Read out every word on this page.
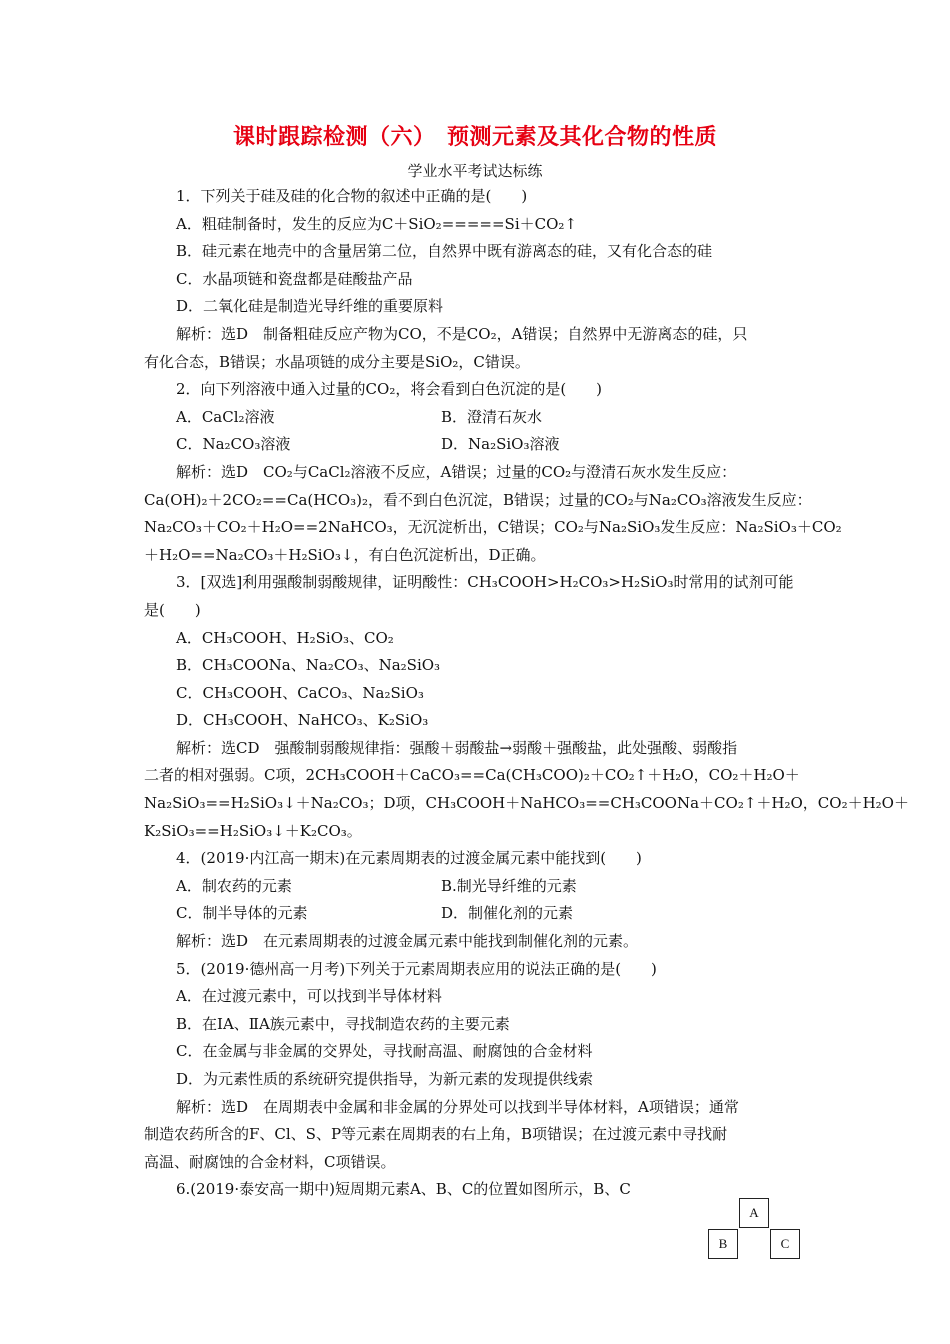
课时跟踪检测（六）　预测元素及其化合物的性质
学业水平考试达标练
1．下列关于硅及硅的化合物的叙述中正确的是(　　)
A．粗硅制备时，发生的反应为C＋SiO₂=====Si＋CO₂↑
B．硅元素在地壳中的含量居第二位，自然界中既有游离态的硅，又有化合态的硅
C．水晶项链和瓷盘都是硅酸盐产品
D．二氧化硅是制造光导纤维的重要原料
解析：选D　制备粗硅反应产物为CO，不是CO₂，A错误；自然界中无游离态的硅，只
有化合态，B错误；水晶项链的成分主要是SiO₂，C错误。
2．向下列溶液中通入过量的CO₂，将会看到白色沉淀的是(　　)
A．CaCl₂溶液	B．澄清石灰水
C．Na₂CO₃溶液	D．Na₂SiO₃溶液
解析：选D　CO₂与CaCl₂溶液不反应，A错误；过量的CO₂与澄清石灰水发生反应：
Ca(OH)₂＋2CO₂==Ca(HCO₃)₂，看不到白色沉淀，B错误；过量的CO₂与Na₂CO₃溶液发生反应：
Na₂CO₃＋CO₂＋H₂O==2NaHCO₃，无沉淀析出，C错误；CO₂与Na₂SiO₃发生反应：Na₂SiO₃＋CO₂
＋H₂O==Na₂CO₃＋H₂SiO₃↓，有白色沉淀析出，D正确。
3．[双选]利用强酸制弱酸规律，证明酸性：CH₃COOH>H₂CO₃>H₂SiO₃时常用的试剂可能
是(　　)
A．CH₃COOH、H₂SiO₃、CO₂
B．CH₃COONa、Na₂CO₃、Na₂SiO₃
C．CH₃COOH、CaCO₃、Na₂SiO₃
D．CH₃COOH、NaHCO₃、K₂SiO₃
解析：选CD　强酸制弱酸规律指：强酸＋弱酸盐→弱酸＋强酸盐，此处强酸、弱酸指
二者的相对强弱。C项，2CH₃COOH＋CaCO₃==Ca(CH₃COO)₂＋CO₂↑＋H₂O，CO₂＋H₂O＋
Na₂SiO₃==H₂SiO₃↓＋Na₂CO₃；D项，CH₃COOH＋NaHCO₃==CH₃COONa＋CO₂↑＋H₂O，CO₂＋H₂O＋
K₂SiO₃==H₂SiO₃↓＋K₂CO₃。
4．(2019·内江高一期末)在元素周期表的过渡金属元素中能找到(　　)
A．制农药的元素	B.制光导纤维的元素
C．制半导体的元素	D．制催化剂的元素
解析：选D　在元素周期表的过渡金属元素中能找到制催化剂的元素。
5．(2019·德州高一月考)下列关于元素周期表应用的说法正确的是(　　)
A．在过渡元素中，可以找到半导体材料
B．在ⅠA、ⅡA族元素中，寻找制造农药的主要元素
C．在金属与非金属的交界处，寻找耐高温、耐腐蚀的合金材料
D．为元素性质的系统研究提供指导，为新元素的发现提供线索
解析：选D　在周期表中金属和非金属的分界处可以找到半导体材料，A项错误；通常
制造农药所含的F、Cl、S、P等元素在周期表的右上角，B项错误；在过渡元素中寻找耐
高温、耐腐蚀的合金材料，C项错误。
6.(2019·泰安高一期中)短周期元素A、B、C的位置如图所示，B、C
A
B	C
